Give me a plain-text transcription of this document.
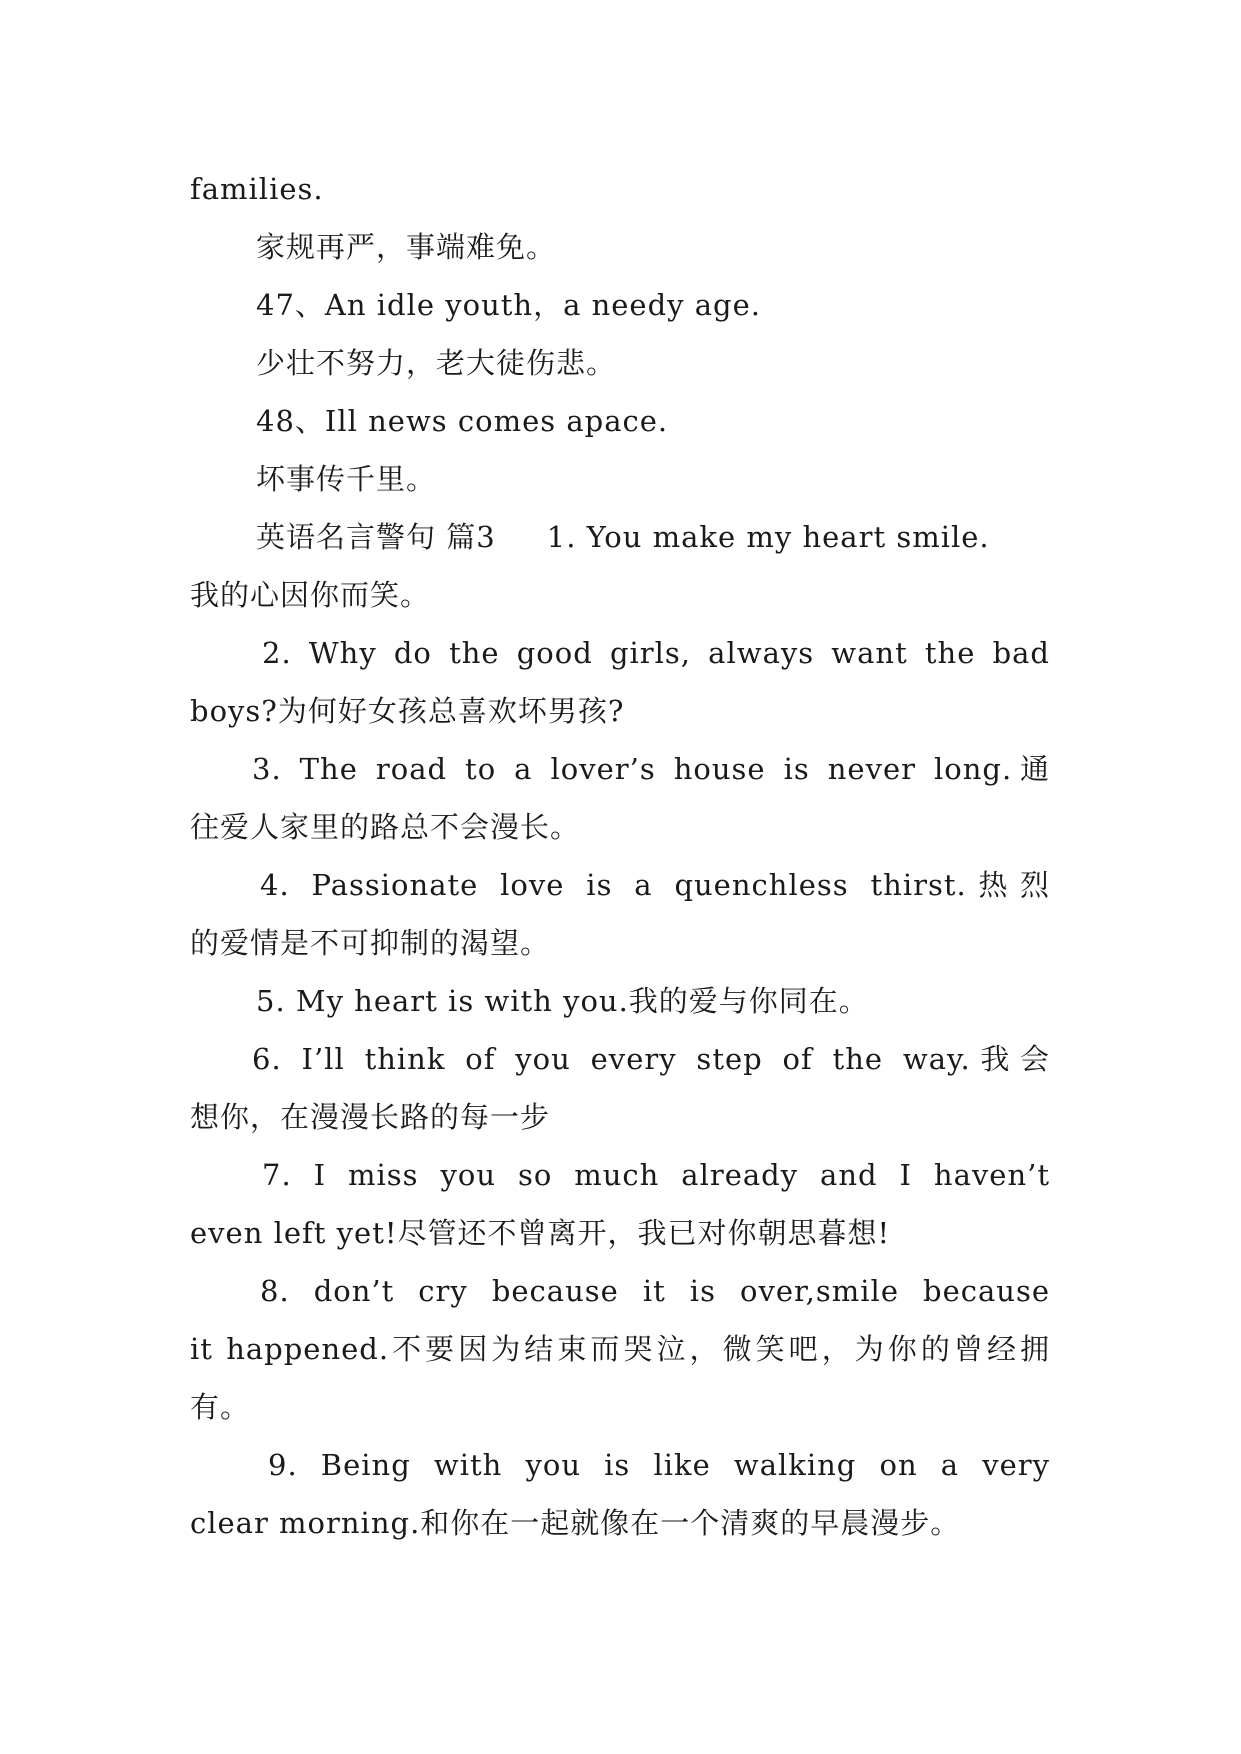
families.
家规再严，事端难免。
47、An idle youth，a needy age.
少壮不努力，老大徒伤悲。
48、Ill news comes apace.
坏事传千里。
英语名言警句 篇3     1. You make my heart smile.
我的心因你而笑。
2. Why do the good girls, always want the bad
boys?为何好女孩总喜欢坏男孩?
3. The road to a lover’s house is never long.通
往爱人家里的路总不会漫长。
4. Passionate love is a quenchless thirst.热烈
的爱情是不可抑制的渴望。
5. My heart is with you.我的爱与你同在。
6. I’ll think of you every step of the way.我会
想你，在漫漫长路的每一步
7. I miss you so much already and I haven’t
even left yet!尽管还不曾离开，我已对你朝思暮想!
8. don’t cry because it is over,smile because
it happened.不要因为结束而哭泣，微笑吧，为你的曾经拥
有。
9. Being with you is like walking on a very
clear morning.和你在一起就像在一个清爽的早晨漫步。
